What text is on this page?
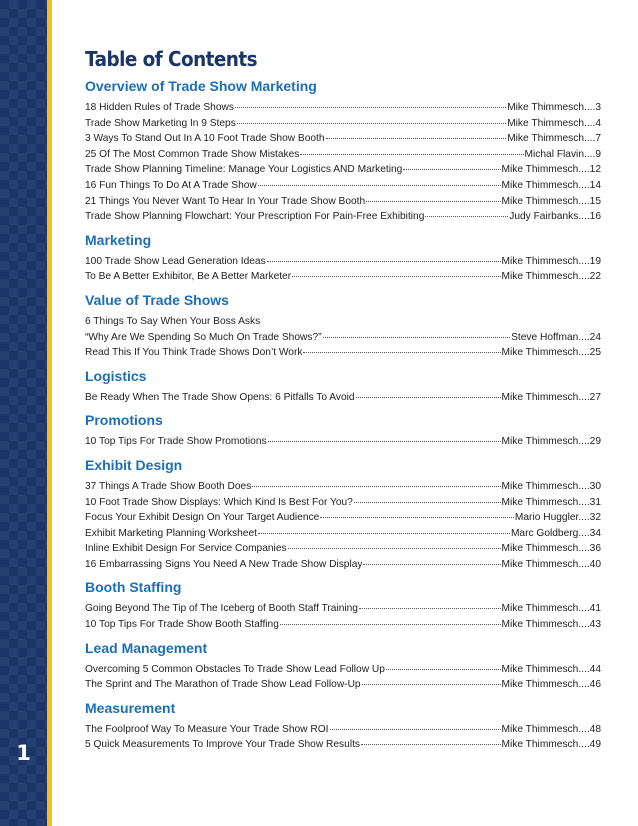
1
Table of Contents
Overview of Trade Show Marketing
18 Hidden Rules of Trade Shows	Mike Thimmesch....3
Trade Show Marketing In 9 Steps	Mike Thimmesch....4
3 Ways To Stand Out In A 10 Foot Trade Show Booth	Mike Thimmesch....7
25 Of The Most Common Trade Show Mistakes	Michal Flavin....9
Trade Show Planning Timeline: Manage Your Logistics AND Marketing	Mike Thimmesch....12
16 Fun Things To Do At A Trade Show	Mike Thimmesch....14
21 Things You Never Want To Hear In Your Trade Show Booth	Mike Thimmesch....15
Trade Show Planning Flowchart: Your Prescription For Pain-Free Exhibiting	Judy Fairbanks....16
Marketing
100 Trade Show Lead Generation Ideas	Mike Thimmesch....19
To Be A Better Exhibitor, Be A Better Marketer	Mike Thimmesch....22
Value of Trade Shows
6 Things To Say When Your Boss Asks
“Why Are We Spending So Much On Trade Shows?”	Steve Hoffman....24
Read This If You Think Trade Shows Don’t Work	Mike Thimmesch....25
Logistics
Be Ready When The Trade Show Opens: 6 Pitfalls To Avoid	Mike Thimmesch....27
Promotions
10 Top Tips For Trade Show Promotions	Mike Thimmesch....29
Exhibit Design
37 Things A Trade Show Booth Does	Mike Thimmesch....30
10 Foot Trade Show Displays: Which Kind Is Best For You?	Mike Thimmesch....31
Focus Your Exhibit Design On Your Target Audience	Mario Huggler....32
Exhibit Marketing Planning Worksheet	Marc Goldberg....34
Inline Exhibit Design For Service Companies	Mike Thimmesch....36
16 Embarrassing Signs You Need A New Trade Show Display	Mike Thimmesch....40
Booth Staffing
Going Beyond The Tip of The Iceberg of Booth Staff Training	Mike Thimmesch....41
10 Top Tips For Trade Show Booth Staffing	Mike Thimmesch....43
Lead Management
Overcoming 5 Common Obstacles To Trade Show Lead Follow Up	Mike Thimmesch....44
The Sprint and The Marathon of Trade Show Lead Follow-Up	Mike Thimmesch....46
Measurement
The Foolproof Way To Measure Your Trade Show ROI	Mike Thimmesch....48
5 Quick Measurements To Improve Your Trade Show Results	Mike Thimmesch....49
